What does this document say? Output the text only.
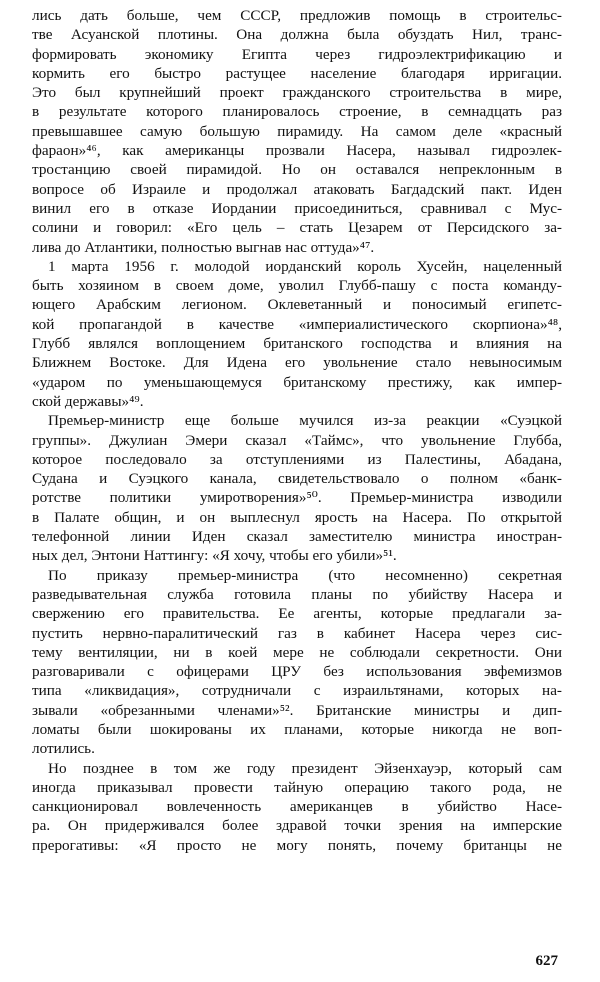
лись дать больше, чем СССР, предложив помощь в строительс-
тве Асуанской плотины. Она должна была обуздать Нил, транс-
формировать экономику Египта через гидроэлектрификацию и
кормить его быстро растущее население благодаря ирригации.
Это был крупнейший проект гражданского строительства в мире,
в результате которого планировалось строение, в семнадцать раз
превышавшее самую большую пирамиду. На самом деле «красный
фараон»⁴⁶, как американцы прозвали Насера, называл гидроэлек-
тростанцию своей пирамидой. Но он оставался непреклонным в
вопросе об Израиле и продолжал атаковать Багдадский пакт. Иден
винил его в отказе Иордании присоединиться, сравнивал с Мус-
солини и говорил: «Его цель – стать Цезарем от Персидского за-
лива до Атлантики, полностью выгнав нас оттуда»⁴⁷.
1 марта 1956 г. молодой иорданский король Хусейн, нацеленный
быть хозяином в своем доме, уволил Глубб-пашу с поста команду-
ющего Арабским легионом. Оклеветанный и поносимый египетс-
кой пропагандой в качестве «империалистического скорпиона»⁴⁸,
Глубб являлся воплощением британского господства и влияния на
Ближнем Востоке. Для Идена его увольнение стало невыносимым
«ударом по уменьшающемуся британскому престижу, как импер-
ской державы»⁴⁹.
Премьер-министр еще больше мучился из-за реакции «Суэцкой
группы». Джулиан Эмери сказал «Таймс», что увольнение Глубба,
которое последовало за отступлениями из Палестины, Абадана,
Судана и Суэцкого канала, свидетельствовало о полном «банк-
ротстве политики умиротворения»⁵⁰. Премьер-министра изводили
в Палате общин, и он выплеснул ярость на Насера. По открытой
телефонной линии Иден сказал заместителю министра иностран-
ных дел, Энтони Наттингу: «Я хочу, чтобы его убили»⁵¹.
По приказу премьер-министра (что несомненно) секретная
разведывательная служба готовила планы по убийству Насера и
свержению его правительства. Ее агенты, которые предлагали за-
пустить нервно-паралитический газ в кабинет Насера через сис-
тему вентиляции, ни в коей мере не соблюдали секретности. Они
разговаривали с офицерами ЦРУ без использования эвфемизмов
типа «ликвидация», сотрудничали с израильтянами, которых на-
зывали «обрезанными членами»⁵². Британские министры и дип-
ломаты были шокированы их планами, которые никогда не воп-
лотились.
Но позднее в том же году президент Эйзенхауэр, который сам
иногда приказывал провести тайную операцию такого рода, не
санкционировал вовлеченность американцев в убийство Насе-
ра. Он придерживался более здравой точки зрения на имперские
прерогативы: «Я просто не могу понять, почему британцы не
627
